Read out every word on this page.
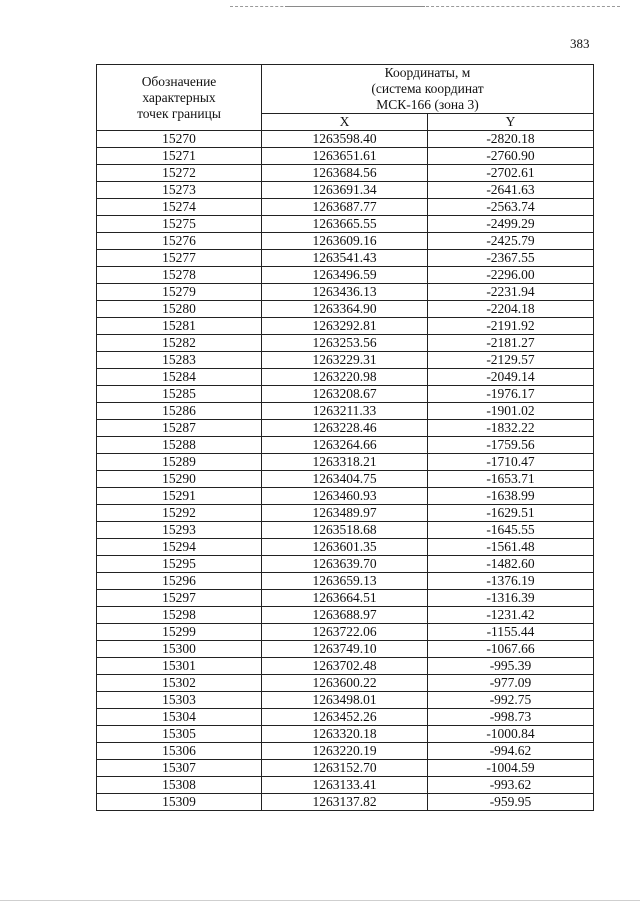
383
Обозначение
характерных
точек границы	Координаты, м
(система координат
МСК-166 (зона 3)	
	X	Y
15270	1263598.40	-2820.18
15271	1263651.61	-2760.90
15272	1263684.56	-2702.61
15273	1263691.34	-2641.63
15274	1263687.77	-2563.74
15275	1263665.55	-2499.29
15276	1263609.16	-2425.79
15277	1263541.43	-2367.55
15278	1263496.59	-2296.00
15279	1263436.13	-2231.94
15280	1263364.90	-2204.18
15281	1263292.81	-2191.92
15282	1263253.56	-2181.27
15283	1263229.31	-2129.57
15284	1263220.98	-2049.14
15285	1263208.67	-1976.17
15286	1263211.33	-1901.02
15287	1263228.46	-1832.22
15288	1263264.66	-1759.56
15289	1263318.21	-1710.47
15290	1263404.75	-1653.71
15291	1263460.93	-1638.99
15292	1263489.97	-1629.51
15293	1263518.68	-1645.55
15294	1263601.35	-1561.48
15295	1263639.70	-1482.60
15296	1263659.13	-1376.19
15297	1263664.51	-1316.39
15298	1263688.97	-1231.42
15299	1263722.06	-1155.44
15300	1263749.10	-1067.66
15301	1263702.48	-995.39
15302	1263600.22	-977.09
15303	1263498.01	-992.75
15304	1263452.26	-998.73
15305	1263320.18	-1000.84
15306	1263220.19	-994.62
15307	1263152.70	-1004.59
15308	1263133.41	-993.62
15309	1263137.82	-959.95
